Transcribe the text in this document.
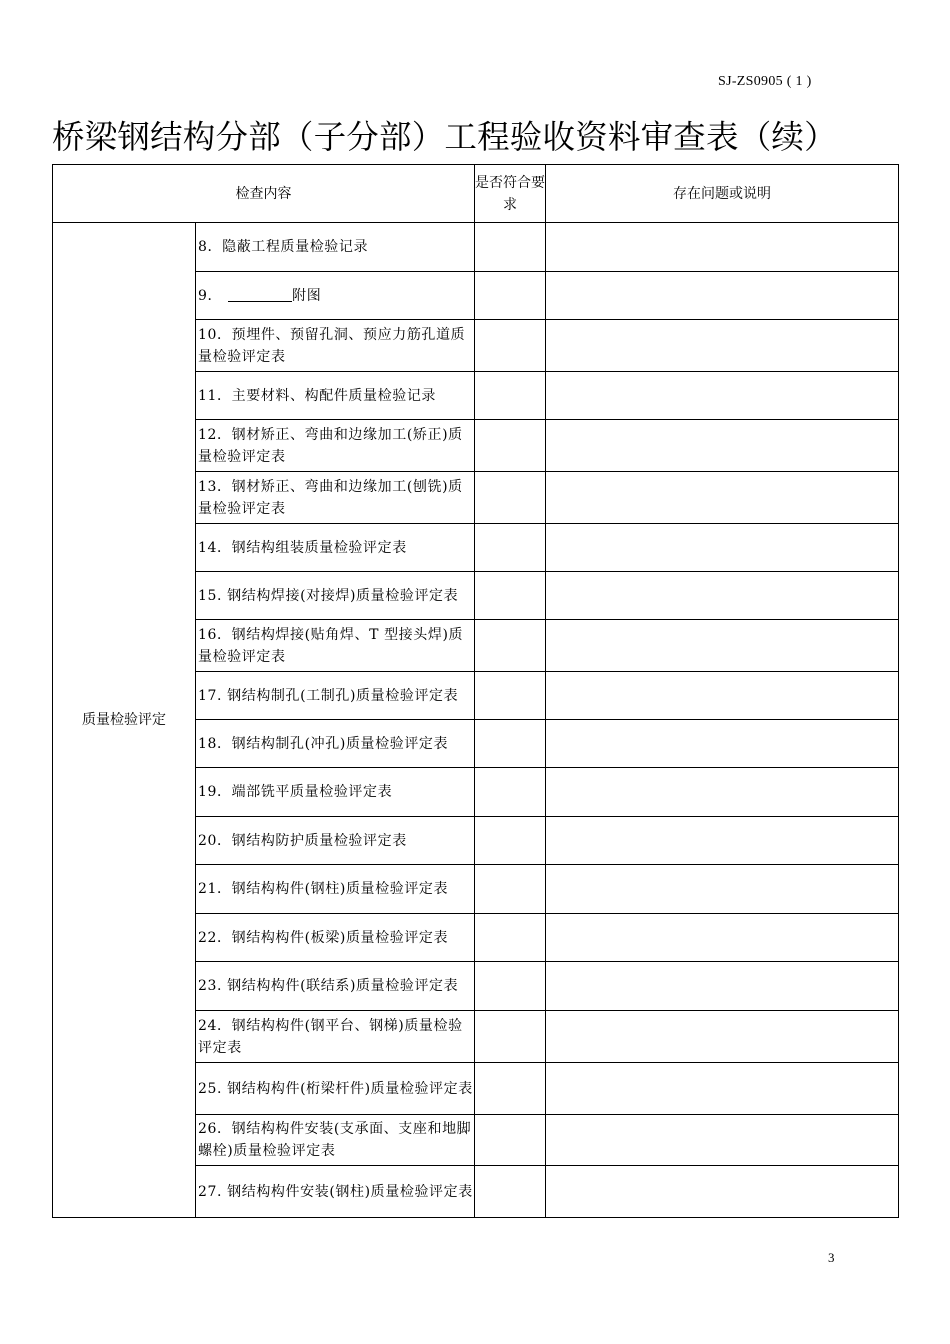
SJ-ZS0905 ( 1 )
桥梁钢结构分部（子分部）工程验收资料审查表（续）
检查内容		是否符合要求	存在问题或说明
质量检验评定	8．隐蔽工程质量检验记录		
	9． 附图		
	10．预埋件、预留孔洞、预应力筋孔道质量检验评定表		
	11．主要材料、构配件质量检验记录		
	12．钢材矫正、弯曲和边缘加工(矫正)质量检验评定表		
	13．钢材矫正、弯曲和边缘加工(刨铣)质量检验评定表		
	14．钢结构组装质量检验评定表		
	15. 钢结构焊接(对接焊)质量检验评定表		
	16．钢结构焊接(贴角焊、T 型接头焊)质量检验评定表		
	17. 钢结构制孔(工制孔)质量检验评定表		
	18．钢结构制孔(冲孔)质量检验评定表		
	19．端部铣平质量检验评定表		
	20．钢结构防护质量检验评定表		
	21．钢结构构件(钢柱)质量检验评定表		
	22．钢结构构件(板梁)质量检验评定表		
	23. 钢结构构件(联结系)质量检验评定表		
	24．钢结构构件(钢平台、钢梯)质量检验评定表		
	25. 钢结构构件(桁梁杆件)质量检验评定表		
	26．钢结构构件安装(支承面、支座和地脚螺栓)质量检验评定表		
	27. 钢结构构件安装(钢柱)质量检验评定表		
3
